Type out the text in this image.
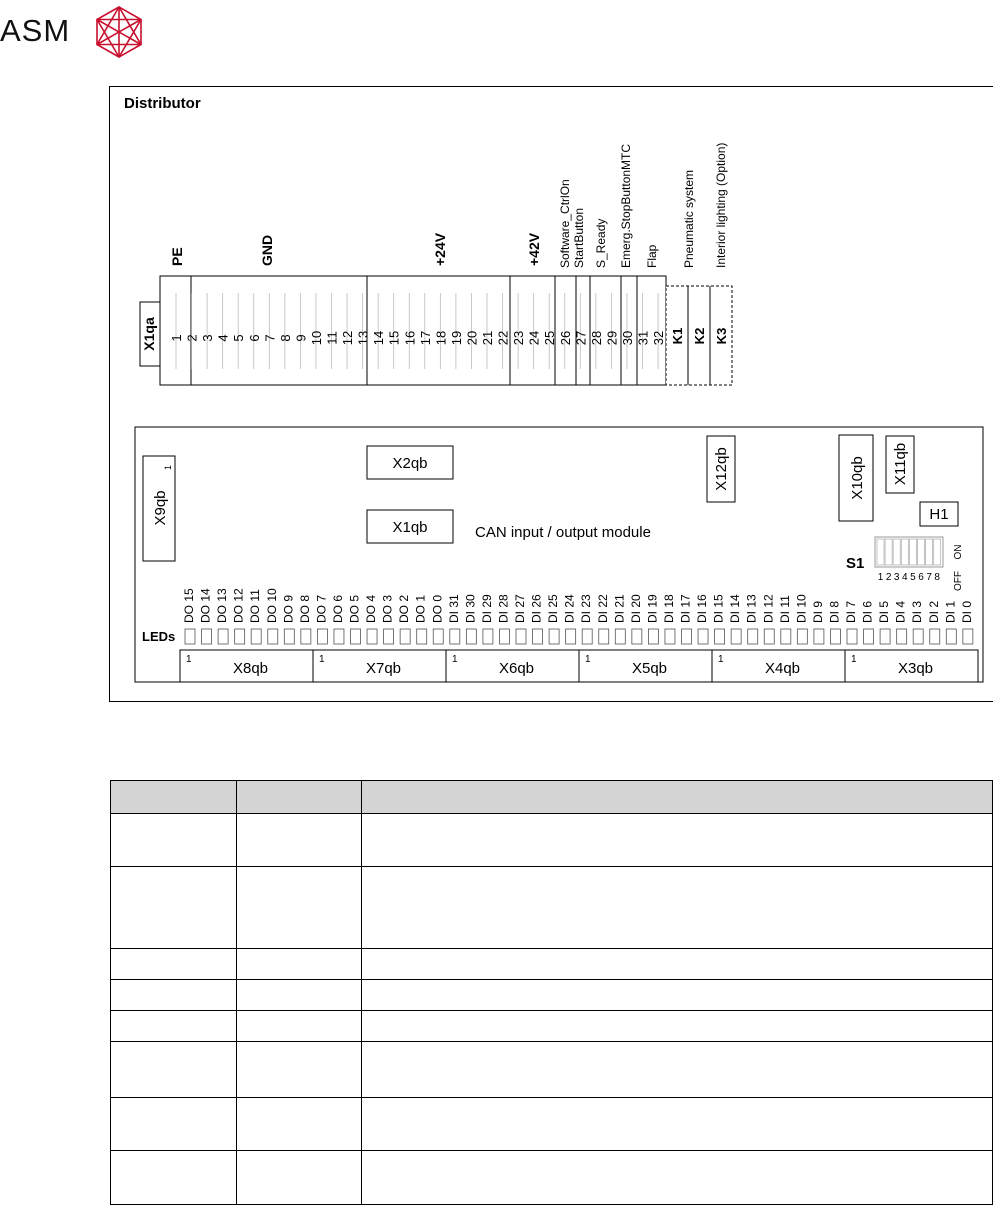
ASM
Distributor
X1qa
PE	GND	+24V	+42V Software_CtrlOn StartButton S_Ready Emerg.StopButtonMTC Flap Pneumatic system Interior lighting (Option)
1 2 3 4 5 6 7 8 9 10 11 12 13 14 15 16 17 18 19 20 21 22 23 24 25 26 27 28 29 30 31 32 K1 K2 K3
X9qb
1	X2qb
X1qb	CAN input / output module
X12qb	X10qb X11qb
H1
S1
1 2 3 4 5 6 7 8
ON
OFF
DO 15 DO 14 DO 13 DO 12 DO 11 DO 10 DO 9 DO 8 DO 7 DO 6 DO 5 DO 4 DO 3 DO 2 DO 1 DO 0 DI 31 DI 30 DI 29 DI 28 DI 27 DI 26 DI 25 DI 24 DI 23 DI 22 DI 21 DI 20 DI 19 DI 18 DI 17 DI 16 DI 15 DI 14 DI 13 DI 12 DI 11 DI 10 DI 9 DI 8 DI 7 DI 6 DI 5 DI 4 DI 3 DI 2 DI 1 DI 0
LEDs
1
X8qb
1
X7qb
1
X6qb
1
X5qb
1
X4qb
1
X3qb
